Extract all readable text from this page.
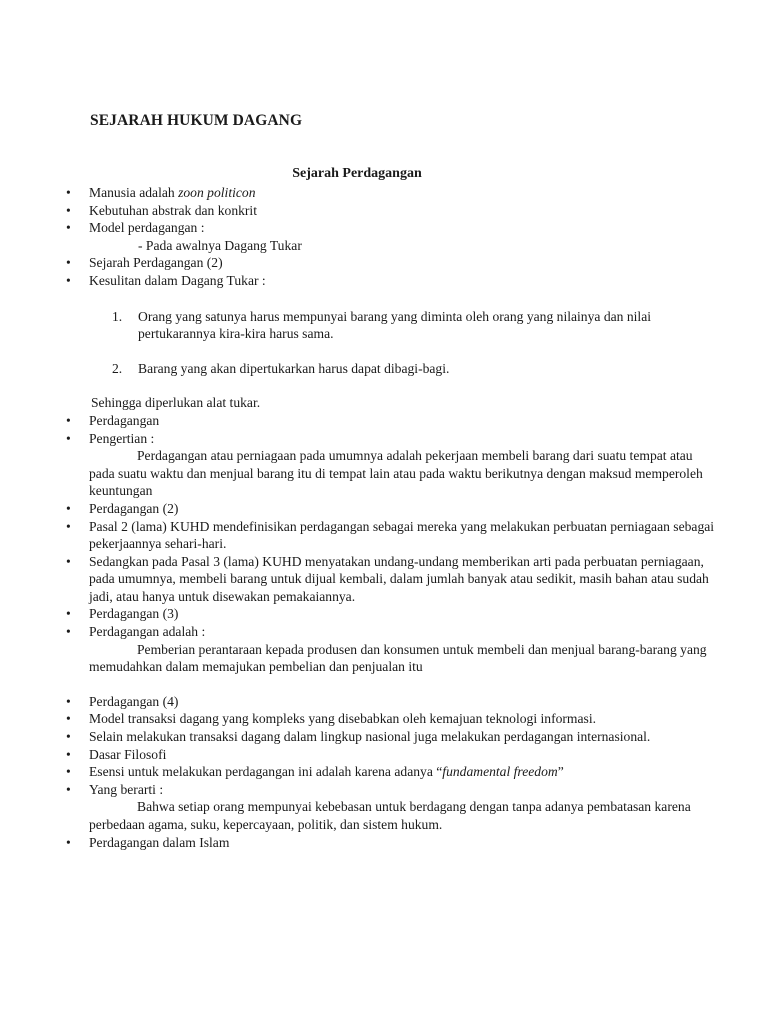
SEJARAH HUKUM DAGANG
Sejarah Perdagangan
• Manusia adalah zoon politicon
• Kebutuhan abstrak dan konkrit
• Model perdagangan :
- Pada awalnya Dagang Tukar
• Sejarah Perdagangan (2)
• Kesulitan dalam Dagang Tukar :
1. Orang yang satunya harus mempunyai barang yang diminta oleh orang yang nilainya dan nilai pertukarannya kira-kira harus sama.
2. Barang yang akan dipertukarkan harus dapat dibagi-bagi.
Sehingga diperlukan alat tukar.
• Perdagangan
• Pengertian :
Perdagangan atau perniagaan pada umumnya adalah pekerjaan membeli barang dari suatu tempat atau pada suatu waktu dan menjual barang itu di tempat lain atau pada waktu berikutnya dengan maksud memperoleh keuntungan
• Perdagangan (2)
• Pasal 2 (lama) KUHD mendefinisikan perdagangan sebagai mereka yang melakukan perbuatan perniagaan sebagai pekerjaannya sehari-hari.
• Sedangkan pada Pasal 3 (lama) KUHD menyatakan undang-undang memberikan arti pada perbuatan perniagaan, pada umumnya, membeli barang untuk dijual kembali, dalam jumlah banyak atau sedikit, masih bahan atau sudah jadi, atau hanya untuk disewakan pemakaiannya.
• Perdagangan (3)
• Perdagangan adalah :
Pemberian perantaraan kepada produsen dan konsumen untuk membeli dan menjual barang-barang yang memudahkan dalam memajukan pembelian dan penjualan itu
• Perdagangan (4)
• Model transaksi dagang yang kompleks yang disebabkan oleh kemajuan teknologi informasi.
• Selain melakukan transaksi dagang dalam lingkup nasional juga melakukan perdagangan internasional.
• Dasar Filosofi
• Esensi untuk melakukan perdagangan ini adalah karena adanya “fundamental freedom”
• Yang berarti :
Bahwa setiap orang mempunyai kebebasan untuk berdagang dengan tanpa adanya pembatasan karena perbedaan agama, suku, kepercayaan, politik, dan sistem hukum.
• Perdagangan dalam Islam
